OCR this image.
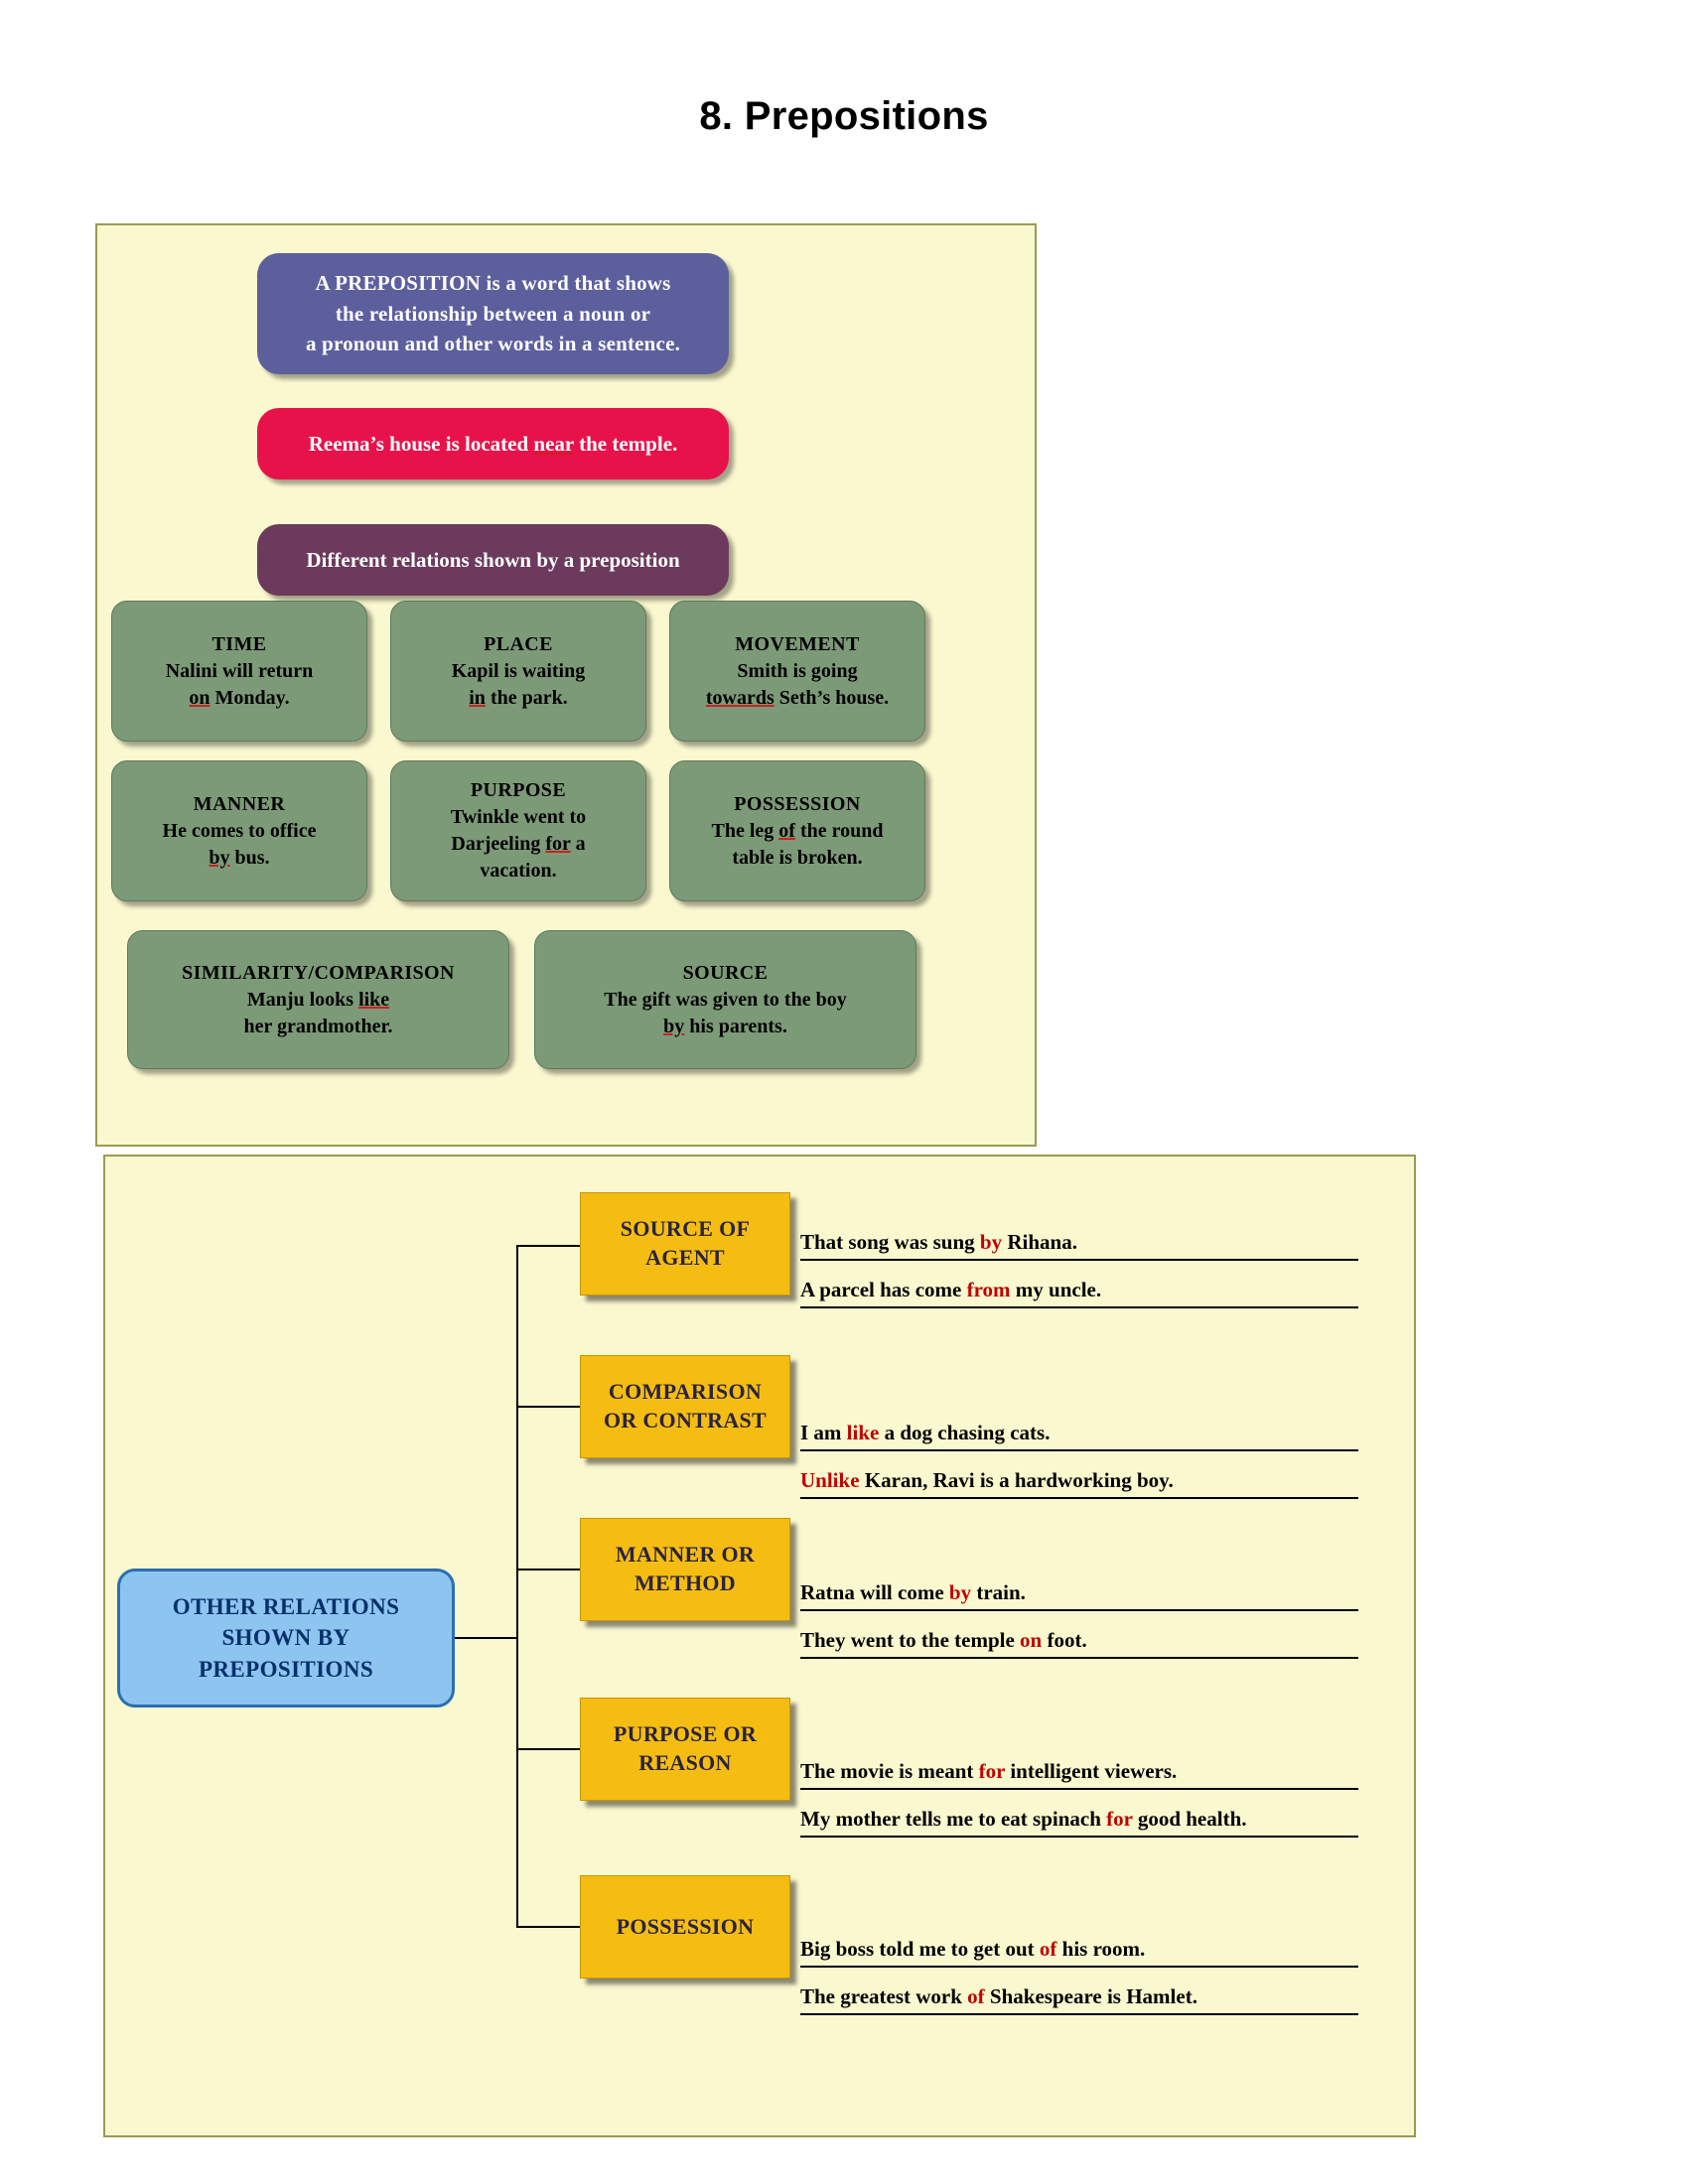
8. Prepositions
A PREPOSITION is a word that shows
the relationship between a noun or
a pronoun and other words in a sentence.
Reema’s house is located near the temple.
Different relations shown by a preposition
TIME
Nalini will return
on Monday.
PLACE
Kapil is waiting
in the park.
MOVEMENT
Smith is going
towards Seth’s house.
MANNER
He comes to office
by bus.
PURPOSE
Twinkle went to
Darjeeling for a
vacation.
POSSESSION
The leg of the round
table is broken.
SIMILARITY/COMPARISON
Manju looks like
her grandmother.
SOURCE
The gift was given to the boy
by his parents.
OTHER RELATIONS
SHOWN BY
PREPOSITIONS
SOURCE OF
AGENT
That song was sung by Rihana.
A parcel has come from my uncle.
COMPARISON
OR CONTRAST I am like a dog chasing cats.
Unlike Karan, Ravi is a hardworking boy.
MANNER OR
METHOD	Ratna will come by train.
They went to the temple on foot.
PURPOSE OR
REASON	The movie is meant for intelligent viewers.
My mother tells me to eat spinach for good health.
POSSESSION
Big boss told me to get out of his room.
The greatest work of Shakespeare is Hamlet.
